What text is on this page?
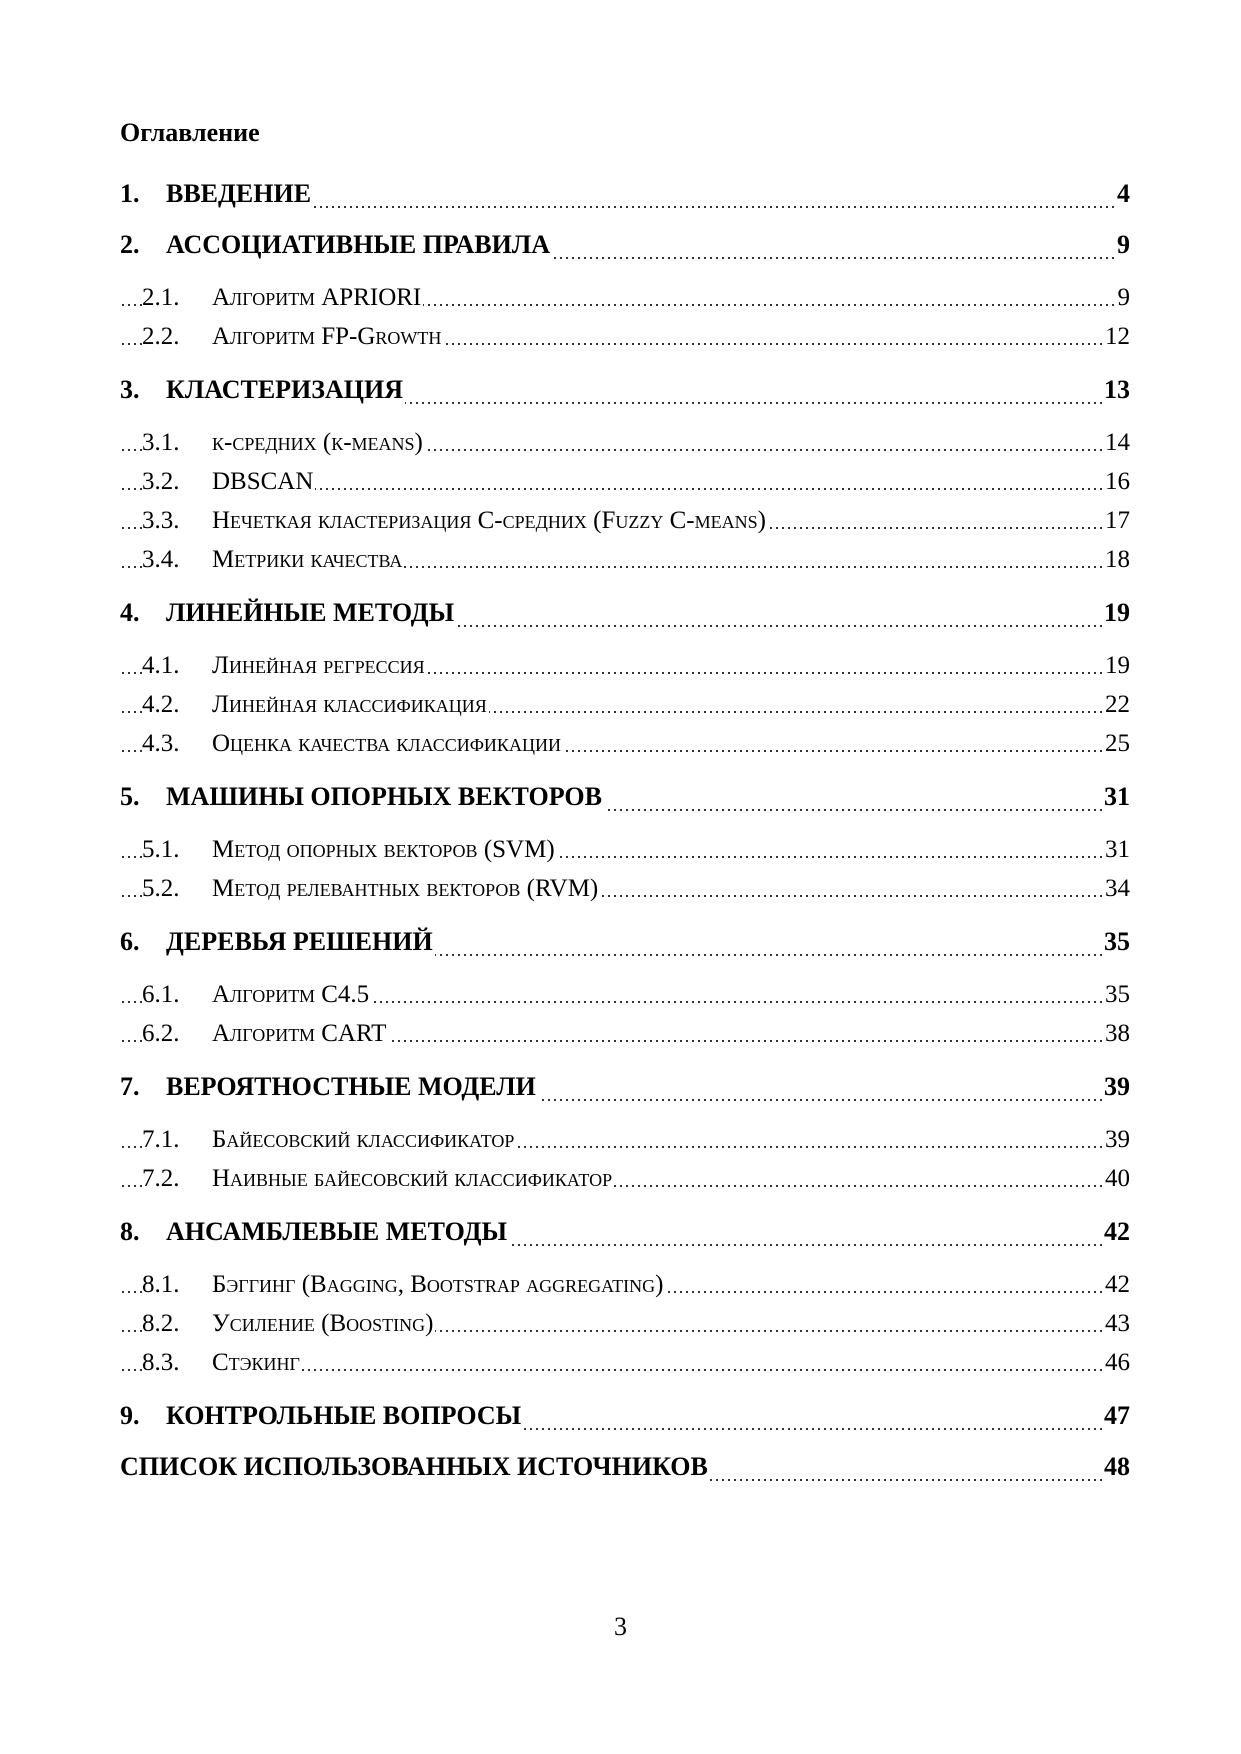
Оглавление
1.	ВВЕДЕНИЕ	4
2.	АССОЦИАТИВНЫЕ ПРАВИЛА	9
2.1.	Алгоритм APRIORI	9
2.2.	Алгоритм FP-Growth	12
3.	КЛАСТЕРИЗАЦИЯ	13
3.1.	к-средних (к-means)	14
3.2.	DBSCAN	16
3.3.	Нечеткая кластеризация C-средних (Fuzzy C-means)	17
3.4.	Метрики качества	18
4.	ЛИНЕЙНЫЕ МЕТОДЫ	19
4.1.	Линейная регрессия	19
4.2.	Линейная классификация	22
4.3.	Оценка качества классификации	25
5.	МАШИНЫ ОПОРНЫХ ВЕКТОРОВ	31
5.1.	Метод опорных векторов (SVM)	31
5.2.	Метод релевантных векторов (RVM)	34
6.	ДЕРЕВЬЯ РЕШЕНИЙ	35
6.1.	Алгоритм C4.5	35
6.2.	Алгоритм CART	38
7.	ВЕРОЯТНОСТНЫЕ МОДЕЛИ	39
7.1.	Байесовский классификатор	39
7.2.	Наивные байесовский классификатор	40
8.	АНСАМБЛЕВЫЕ МЕТОДЫ	42
8.1.	Бэггинг (Bagging, Bootstrap aggregating)	42
8.2.	Усиление (Boosting)	43
8.3.	Стэкинг	46
9.	КОНТРОЛЬНЫЕ ВОПРОСЫ	47
СПИСОК ИСПОЛЬЗОВАННЫХ ИСТОЧНИКОВ	48
3
